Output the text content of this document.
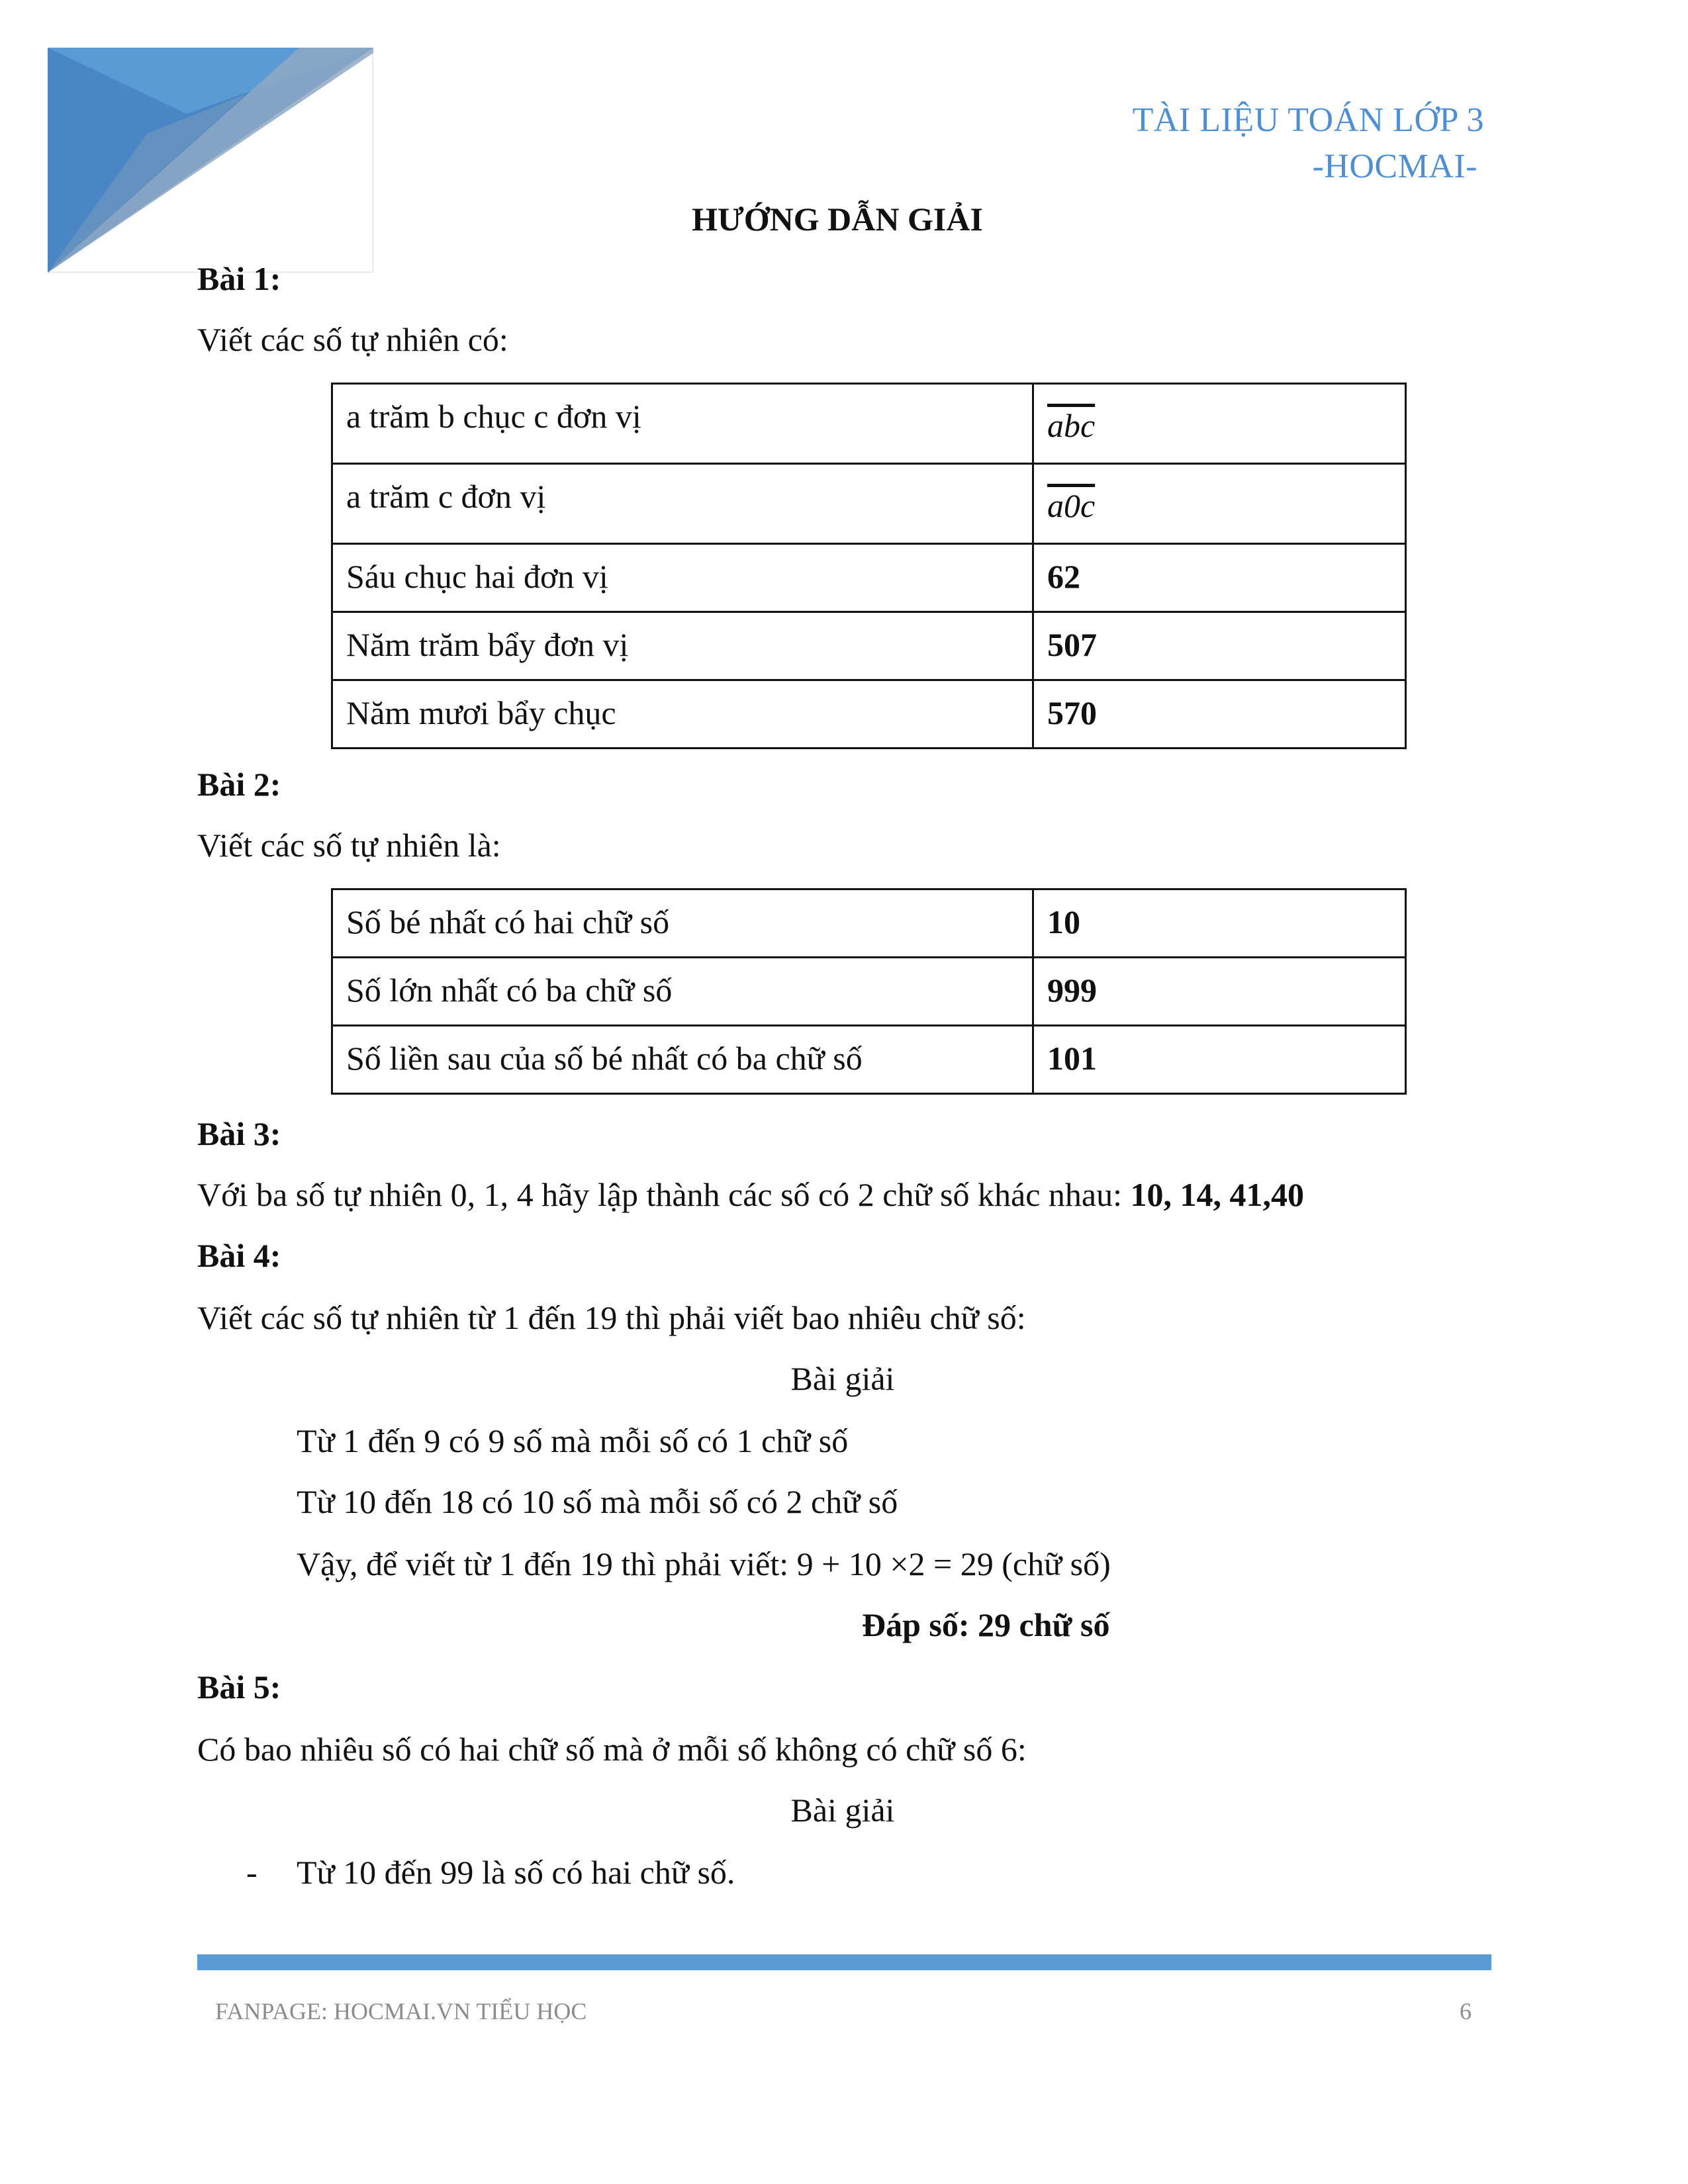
TÀI LIỆU TOÁN LỚP 3
-HOCMAI-
HƯỚNG DẪN GIẢI
Bài 1:
Viết các số tự nhiên có:
a trăm b chục c đơn vị	$\overline{abc}$
a trăm c đơn vị	a0c
Sáu chục hai đơn vị	62
Năm trăm bẩy đơn vị	507
Năm mươi bẩy chục	570
Bài 2:
Viết các số tự nhiên là:
Số bé nhất có hai chữ số	10
Số lớn nhất có ba chữ số	999
Số liền sau của số bé nhất có ba chữ số	101
Bài 3:
Với ba số tự nhiên 0, 1, 4 hãy lập thành các số có 2 chữ số khác nhau: 10, 14, 41,40
Bài 4:
Viết các số tự nhiên từ 1 đến 19 thì phải viết bao nhiêu chữ số:
Bài giải
Từ 1 đến 9 có 9 số mà mỗi số có 1 chữ số
Từ 10 đến 18 có 10 số mà mỗi số có 2 chữ số
Vậy, để viết từ 1 đến 19 thì phải viết: 9 + 10 ×2 = 29 (chữ số)
Đáp số: 29 chữ số
Bài 5:
Có bao nhiêu số có hai chữ số mà ở mỗi số không có chữ số 6:
Bài giải
- Từ 10 đến 99 là số có hai chữ số.
FANPAGE: HOCMAI.VN TIỂU HỌC	6
